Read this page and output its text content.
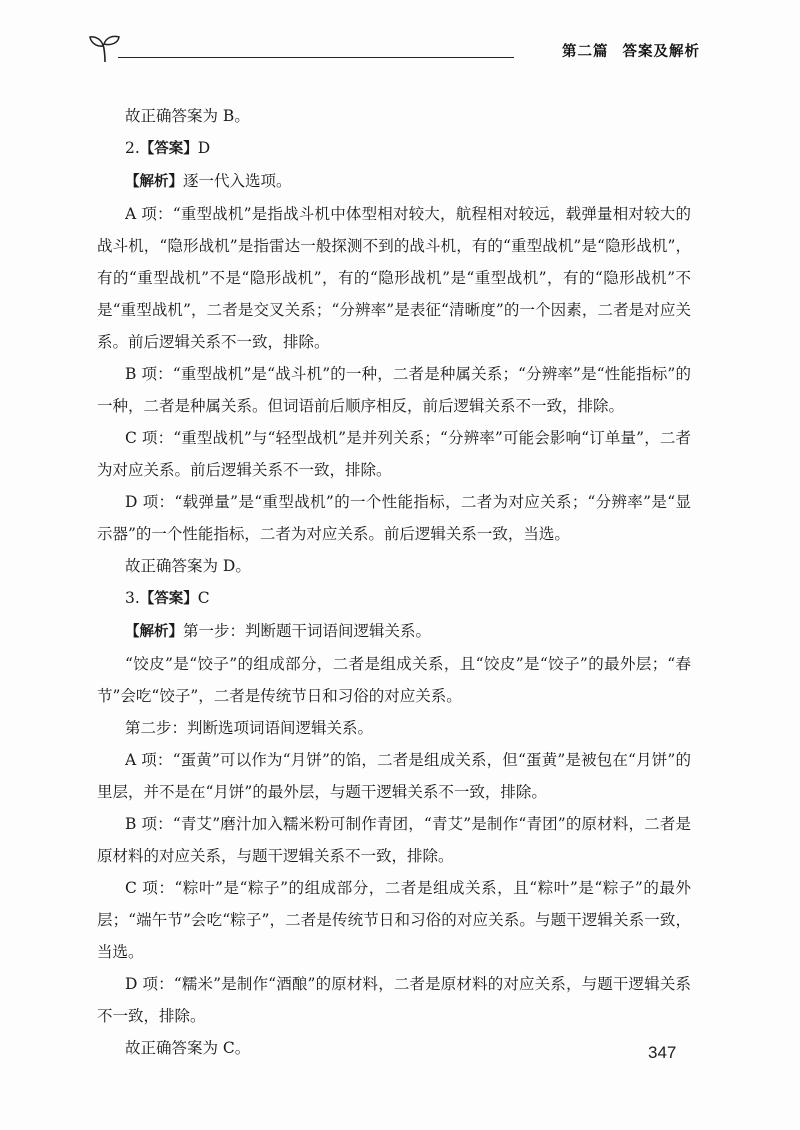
第二篇 答案及解析

故正确答案为 B。

2.【答案】D

【解析】逐一代入选项。

A 项：“重型战机”是指战斗机中体型相对较大，航程相对较远，载弹量相对较大的战斗机，“隐形战机”是指雷达一般探测不到的战斗机，有的“重型战机”是“隐形战机”，有的“重型战机”不是“隐形战机”，有的“隐形战机”是“重型战机”，有的“隐形战机”不是“重型战机”，二者是交叉关系；“分辨率”是表征“清晰度”的一个因素，二者是对应关系。前后逻辑关系不一致，排除。

B 项：“重型战机”是“战斗机”的一种，二者是种属关系；“分辨率”是“性能指标”的一种，二者是种属关系。但词语前后顺序相反，前后逻辑关系不一致，排除。

C 项：“重型战机”与“轻型战机”是并列关系；“分辨率”可能会影响“订单量”，二者为对应关系。前后逻辑关系不一致，排除。

D 项：“载弹量”是“重型战机”的一个性能指标，二者为对应关系；“分辨率”是“显示器”的一个性能指标，二者为对应关系。前后逻辑关系一致，当选。

故正确答案为 D。

3.【答案】C

【解析】第一步：判断题干词语间逻辑关系。

“饺皮”是“饺子”的组成部分，二者是组成关系，且“饺皮”是“饺子”的最外层；“春节”会吃“饺子”，二者是传统节日和习俗的对应关系。

第二步：判断选项词语间逻辑关系。

A 项：“蛋黄”可以作为“月饼”的馅，二者是组成关系，但“蛋黄”是被包在“月饼”的里层，并不是在“月饼”的最外层，与题干逻辑关系不一致，排除。

B 项：“青艾”磨汁加入糯米粉可制作青团，“青艾”是制作“青团”的原材料，二者是原材料的对应关系，与题干逻辑关系不一致，排除。

C 项：“粽叶”是“粽子”的组成部分，二者是组成关系，且“粽叶”是“粽子”的最外层；“端午节”会吃“粽子”，二者是传统节日和习俗的对应关系。与题干逻辑关系一致，当选。

D 项：“糯米”是制作“酒酿”的原材料，二者是原材料的对应关系，与题干逻辑关系不一致，排除。

故正确答案为 C。	347
